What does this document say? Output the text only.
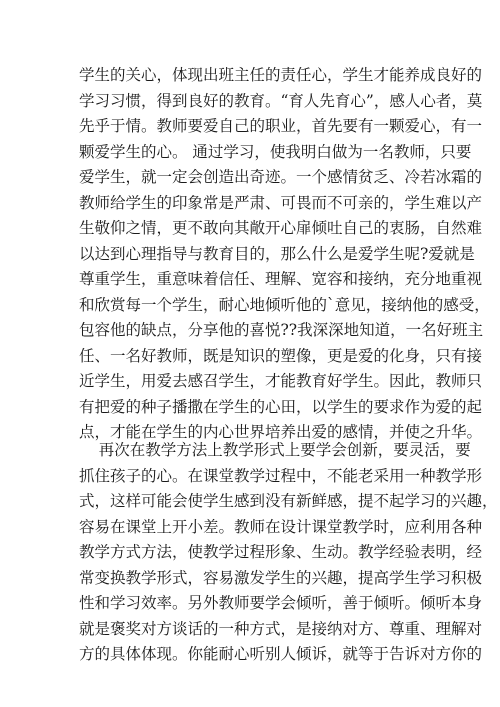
学生的关心，体现出班主任的责任心，学生才能养成良好的
学习习惯，得到良好的教育。“育人先育心”，感人心者，莫
先乎于情。教师要爱自己的职业，首先要有一颗爱心，有一
颗爱学生的心。 通过学习，使我明白做为一名教师，只要
爱学生，就一定会创造出奇迹。一个感情贫乏、冷若冰霜的
教师给学生的印象常是严肃、可畏而不可亲的，学生难以产
生敬仰之情，更不敢向其敞开心扉倾吐自己的衷肠，自然难
以达到心理指导与教育目的，那么什么是爱学生呢?爱就是
尊重学生，重意味着信任、理解、宽容和接纳，充分地重视
和欣赏每一个学生，耐心地倾听他的`意见，接纳他的感受，
包容他的缺点，分享他的喜悦??我深深地知道，一名好班主
任、一名好教师，既是知识的塑像，更是爱的化身，只有接
近学生，用爱去感召学生，才能教育好学生。因此，教师只
有把爱的种子播撒在学生的心田，以学生的要求作为爱的起
点，才能在学生的内心世界培养出爱的感情，并使之升华。
再次在教学方法上教学形式上要学会创新，要灵活，要
抓住孩子的心。在课堂教学过程中，不能老采用一种教学形
式，这样可能会使学生感到没有新鲜感，提不起学习的兴趣，
容易在课堂上开小差。教师在设计课堂教学时，应利用各种
教学方式方法，使教学过程形象、生动。教学经验表明，经
常变换教学形式，容易激发学生的兴趣，提高学生学习积极
性和学习效率。另外教师要学会倾听，善于倾听。倾听本身
就是褒奖对方谈话的一种方式，是接纳对方、尊重、理解对
方的具体体现。你能耐心听别人倾诉，就等于告诉对方你的
